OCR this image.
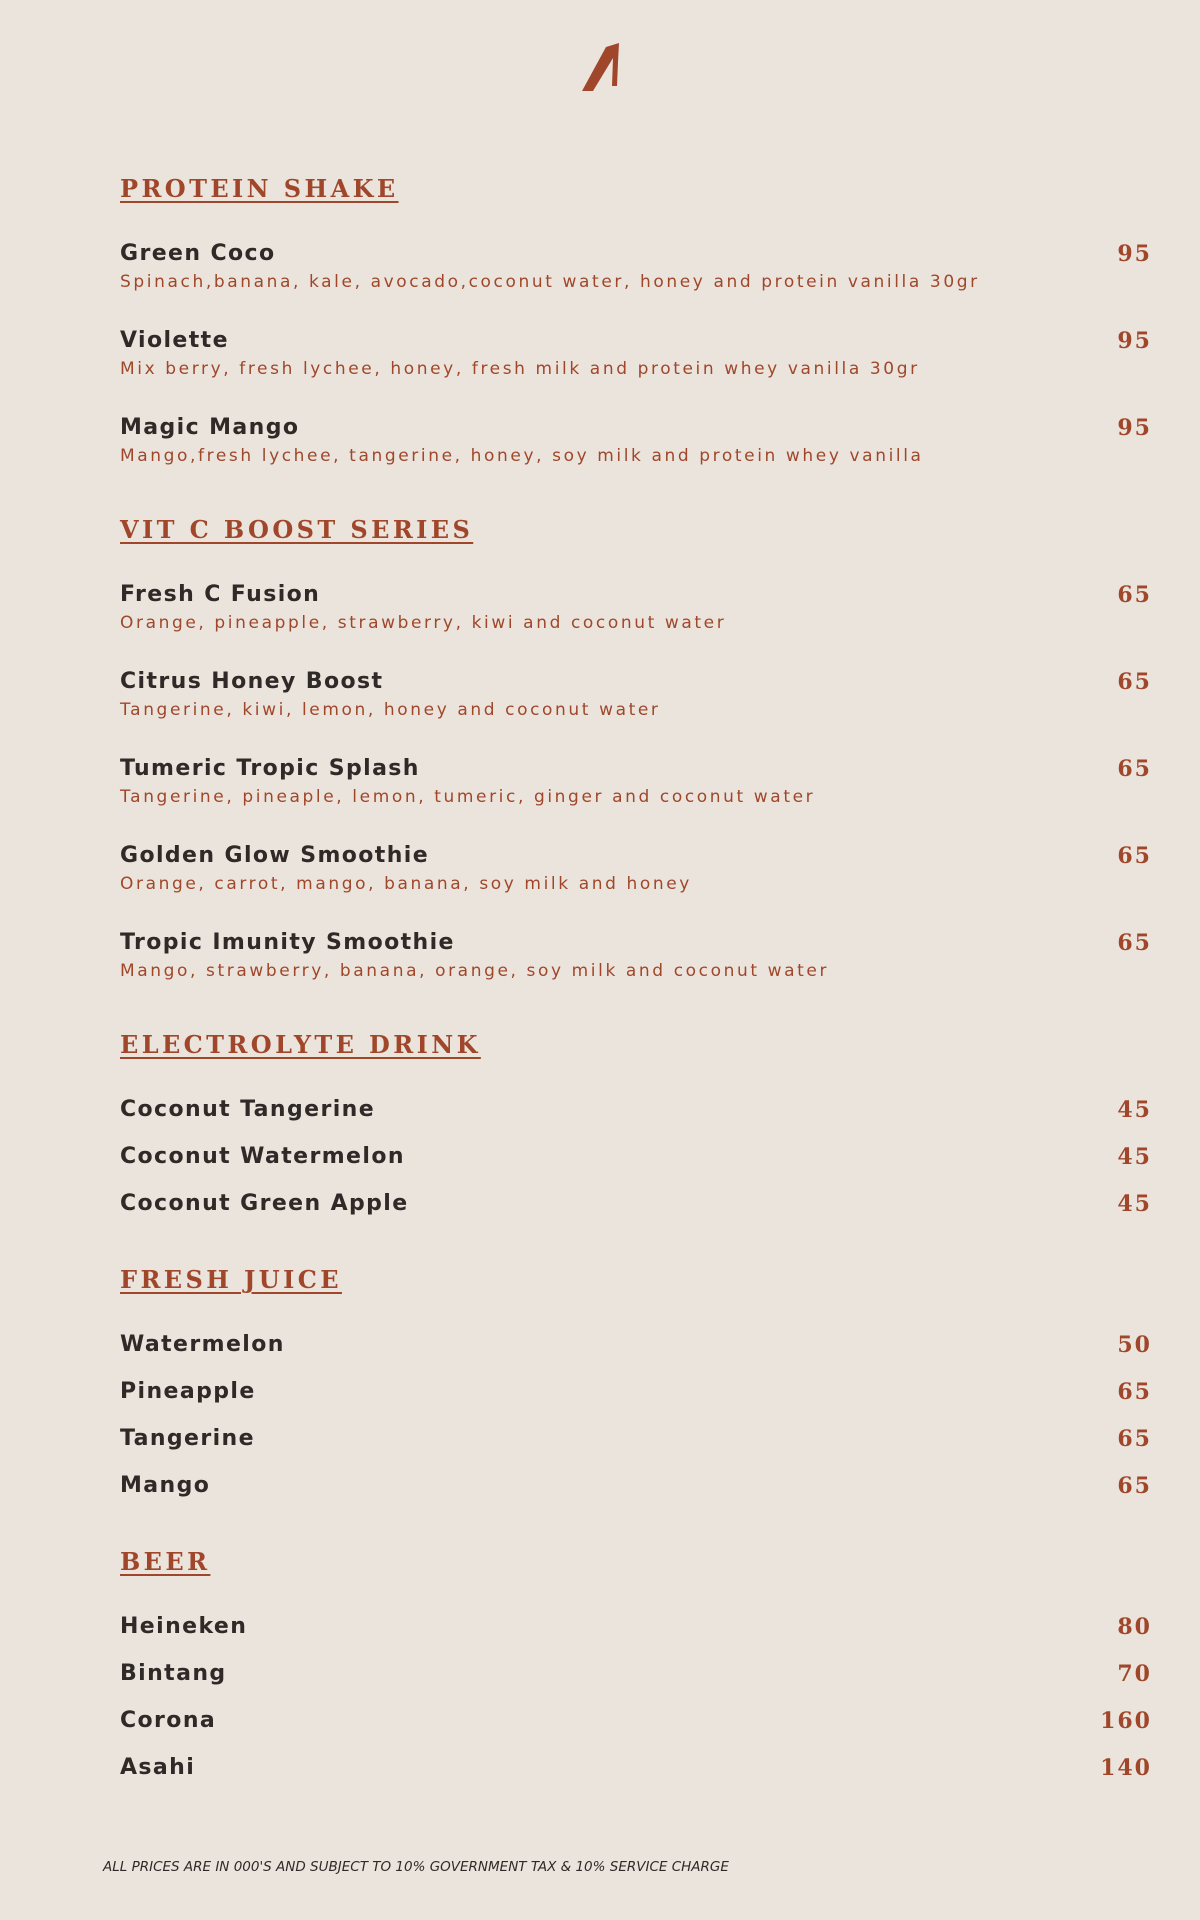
PROTEIN SHAKE
Green Coco	95
Spinach,banana, kale, avocado,coconut water, honey and protein vanilla 30gr
Violette	95
Mix berry, fresh lychee, honey, fresh milk and protein whey vanilla 30gr
Magic Mango	95
Mango,fresh lychee, tangerine, honey, soy milk and protein whey vanilla
VIT C BOOST SERIES
Fresh C Fusion	65
Orange, pineapple, strawberry, kiwi and coconut water
Citrus Honey Boost	65
Tangerine, kiwi, lemon, honey and coconut water
Tumeric Tropic Splash	65
Tangerine, pineaple, lemon, tumeric, ginger and coconut water
Golden Glow Smoothie	65
Orange, carrot, mango, banana, soy milk and honey
Tropic Imunity Smoothie	65
Mango, strawberry, banana, orange, soy milk and coconut water
ELECTROLYTE DRINK
Coconut Tangerine	45
Coconut Watermelon	45
Coconut Green Apple	45
FRESH JUICE
Watermelon	50
Pineapple	65
Tangerine	65
Mango	65
BEER
Heineken	80
Bintang	70
Corona	160
Asahi	140
ALL PRICES ARE IN 000'S AND SUBJECT TO 10% GOVERNMENT TAX & 10% SERVICE CHARGE
